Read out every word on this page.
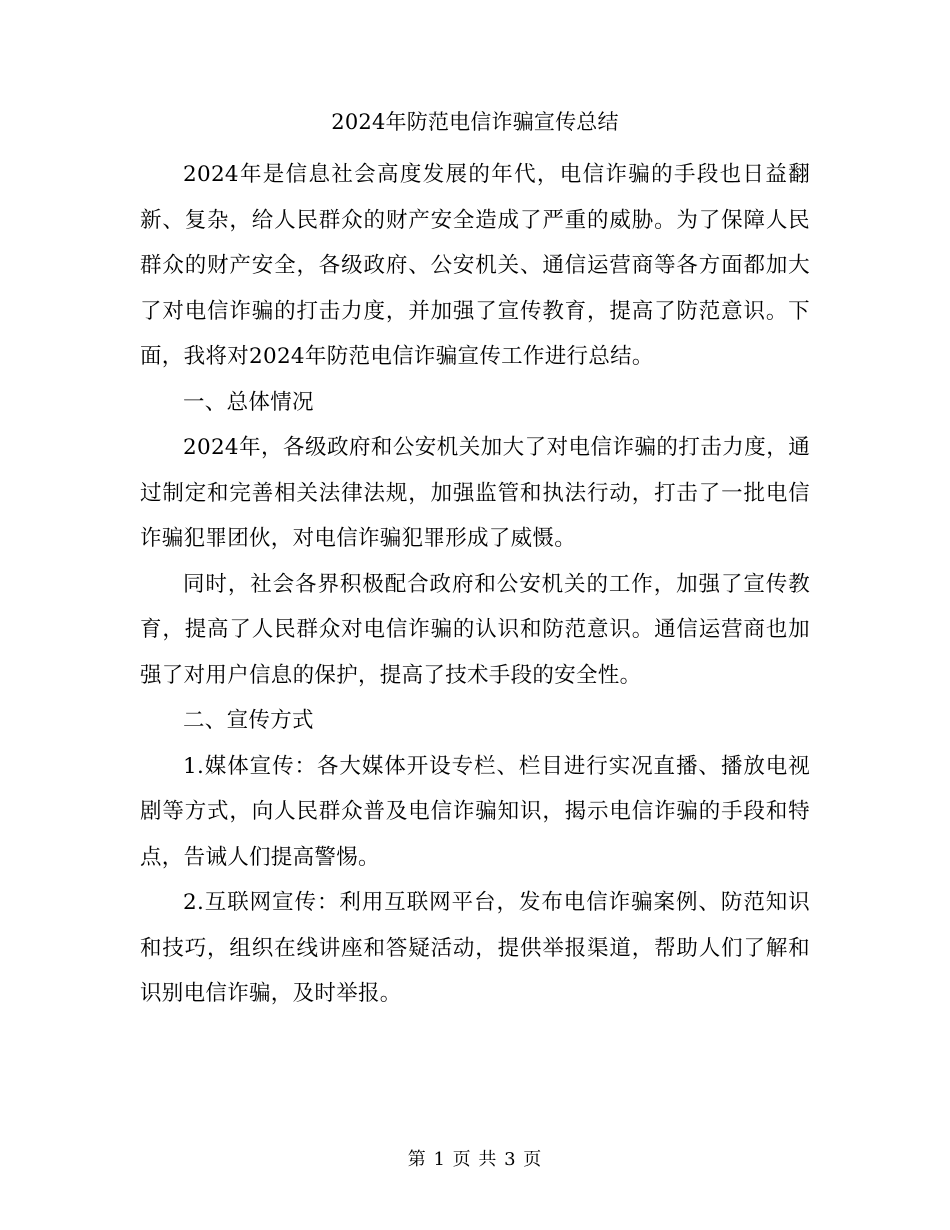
2024年防范电信诈骗宣传总结

2024年是信息社会高度发展的年代，电信诈骗的手段也日益翻新、复杂，给人民群众的财产安全造成了严重的威胁。为了保障人民群众的财产安全，各级政府、公安机关、通信运营商等各方面都加大了对电信诈骗的打击力度，并加强了宣传教育，提高了防范意识。下面，我将对2024年防范电信诈骗宣传工作进行总结。

一、总体情况

2024年，各级政府和公安机关加大了对电信诈骗的打击力度，通过制定和完善相关法律法规，加强监管和执法行动，打击了一批电信诈骗犯罪团伙，对电信诈骗犯罪形成了威慑。

同时，社会各界积极配合政府和公安机关的工作，加强了宣传教育，提高了人民群众对电信诈骗的认识和防范意识。通信运营商也加强了对用户信息的保护，提高了技术手段的安全性。

二、宣传方式

1.媒体宣传：各大媒体开设专栏、栏目进行实况直播、播放电视剧等方式，向人民群众普及电信诈骗知识，揭示电信诈骗的手段和特点，告诫人们提高警惕。

2.互联网宣传：利用互联网平台，发布电信诈骗案例、防范知识和技巧，组织在线讲座和答疑活动，提供举报渠道，帮助人们了解和识别电信诈骗，及时举报。

第 1 页 共 3 页
